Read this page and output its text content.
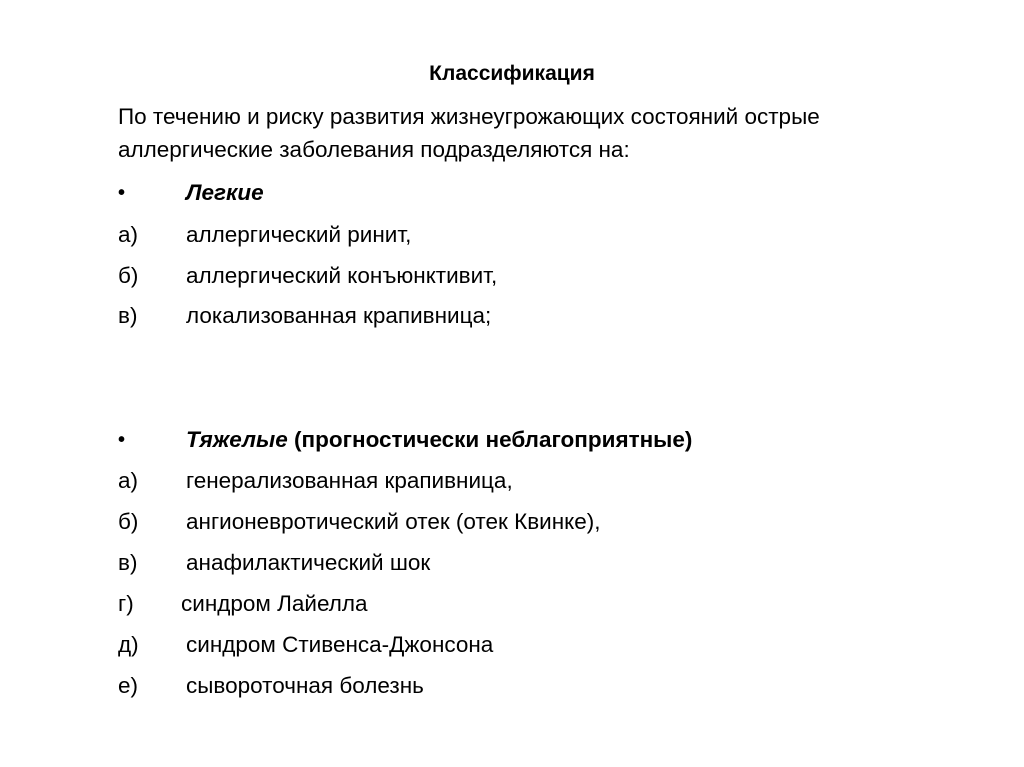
Классификация
По течению и риску развития жизнеугрожающих состояний острые аллергические заболевания подразделяются на:
•	Легкие
а) аллергический ринит,
б) аллергический конъюнктивит,
в) локализованная крапивница;
•	Тяжелые (прогностически неблагоприятные)
а) генерализованная крапивница,
б) ангионевротический отек (отек Квинке),
в) анафилактический шок
г) синдром Лайелла
д) синдром Стивенса-Джонсона
е) сывороточная болезнь
